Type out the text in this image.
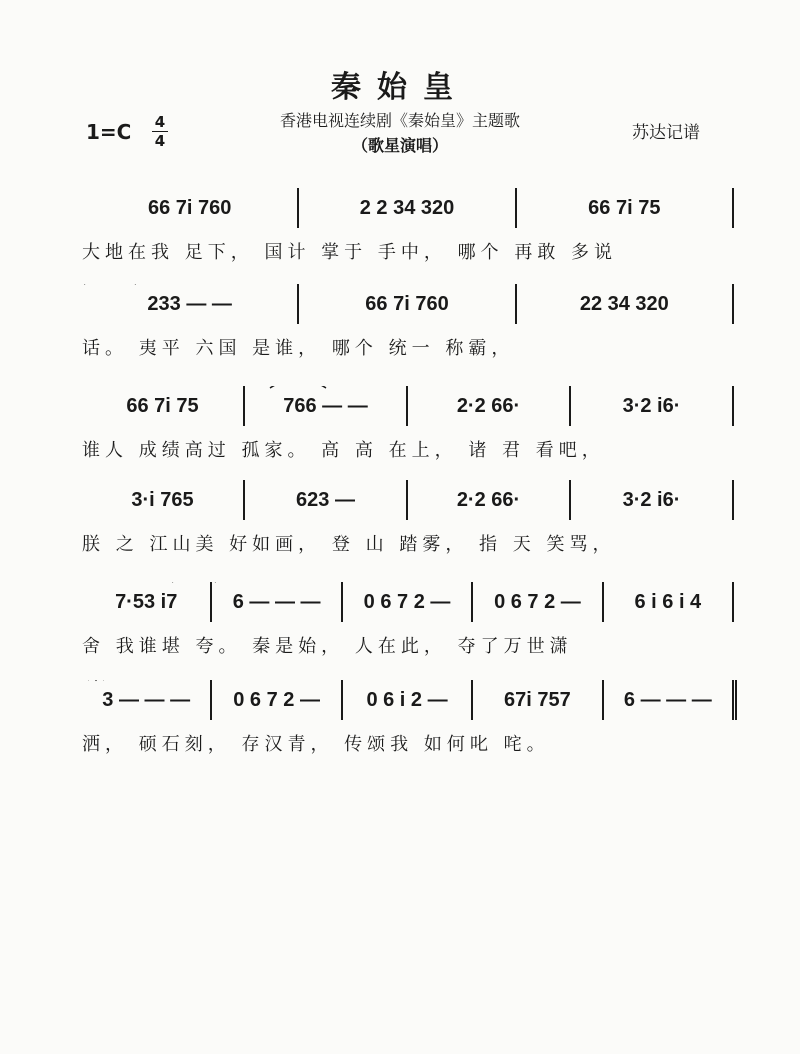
秦始皇
香港电视连续剧《秦始皇》主题歌
（歌星演唱）
1=C 4
4	苏达记谱
66 7i 760	2 2 34 320	66 7i 75
大地在我 足下， 国计 掌于 手中， 哪个 再敢 多说
233 — —	66 7i 760	22 34 320
话。 夷平 六国 是谁， 哪个 统一 称霸，
66 7i 75	766 — —	2·2 66·	3·2 i6·
谁人 成绩高过 孤家。 高 高 在上， 诸 君 看吧，
3·i 765	623 —	2·2 66·	3·2 i6·
朕 之 江山美 好如画， 登 山 踏雾， 指 天 笑骂，
7·53 i7	6 — — —	0 6 7 2 —	0 6 7 2 —	6 i 6 i 4
舍 我谁堪 夸。 秦是始， 人在此， 夺了万世潇
3 — — —	0 6 7 2 —	0 6 i 2 —	67i 757	6 — — —
洒， 硕石刻， 存汉青， 传颂我 如何叱 咤。
